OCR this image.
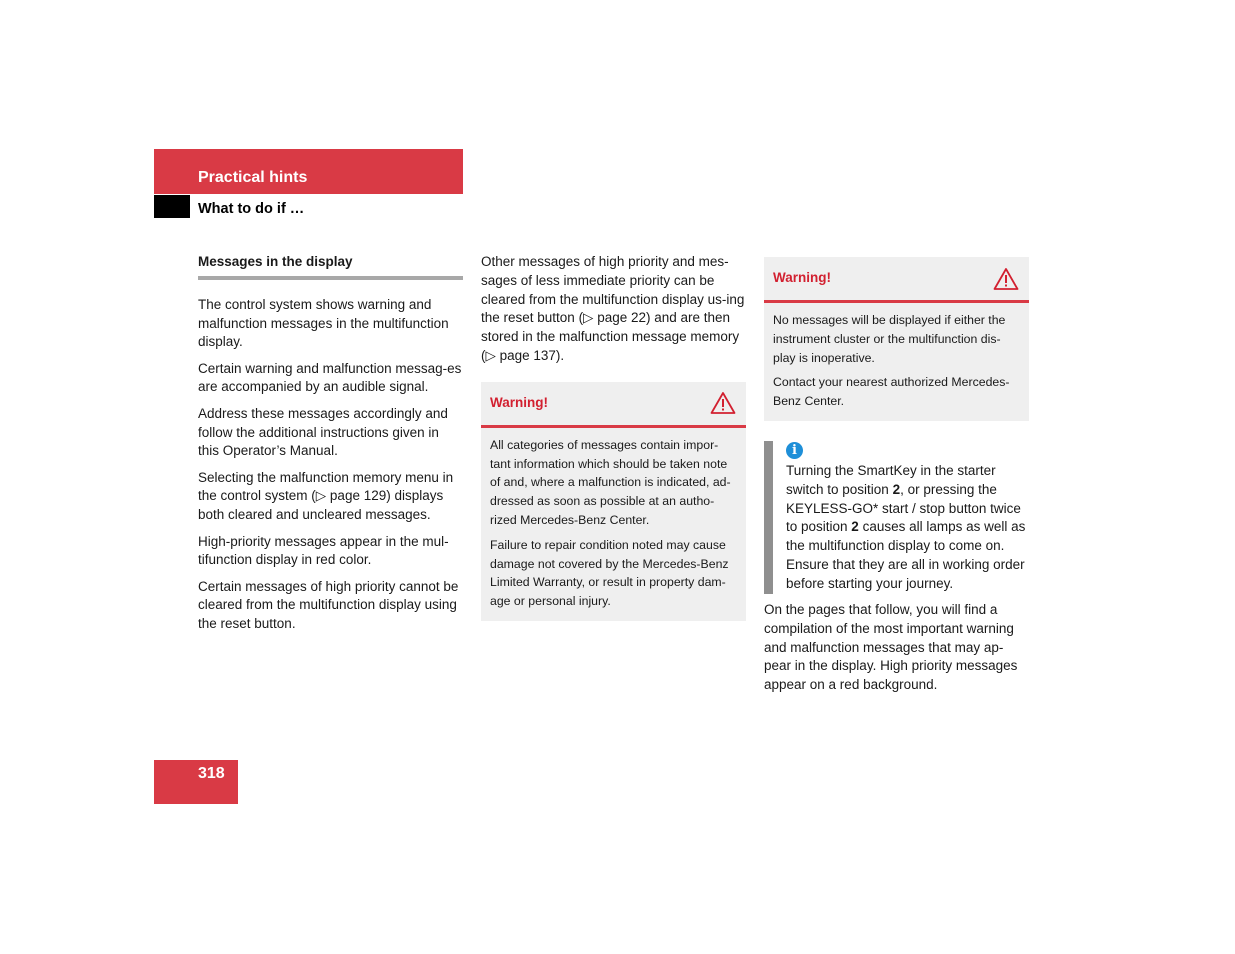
Practical hints
What to do if …
Messages in the display

The control system shows warning and malfunction messages in the multifunction display.

Certain warning and malfunction messag-es are accompanied by an audible signal.

Address these messages accordingly and follow the additional instructions given in this Operator’s Manual.

Selecting the malfunction memory menu in the control system (▷ page 129) displays both cleared and uncleared messages.

High-priority messages appear in the mul-tifunction display in red color.

Certain messages of high priority cannot be cleared from the multifunction display using the reset button.

Other messages of high priority and mes-sages of less immediate priority can be cleared from the multifunction display us-ing the reset button (▷ page 22) and are then stored in the malfunction message memory (▷ page 137).

Warning!

All categories of messages contain impor-tant information which should be taken note of and, where a malfunction is indicated, ad-dressed as soon as possible at an autho-rized Mercedes-Benz Center.

Failure to repair condition noted may cause damage not covered by the Mercedes-Benz Limited Warranty, or result in property dam-age or personal injury.

Warning!

No messages will be displayed if either the instrument cluster or the multifunction dis-play is inoperative.

Contact your nearest authorized Mercedes-Benz Center.

i

Turning the SmartKey in the starter switch to position 2, or pressing the KEYLESS-GO* start / stop button twice to position 2 causes all lamps as well as the multifunction display to come on. Ensure that they are all in working order before starting your journey.

On the pages that follow, you will find a compilation of the most important warning and malfunction messages that may ap-pear in the display. High priority messages appear on a red background.

318
